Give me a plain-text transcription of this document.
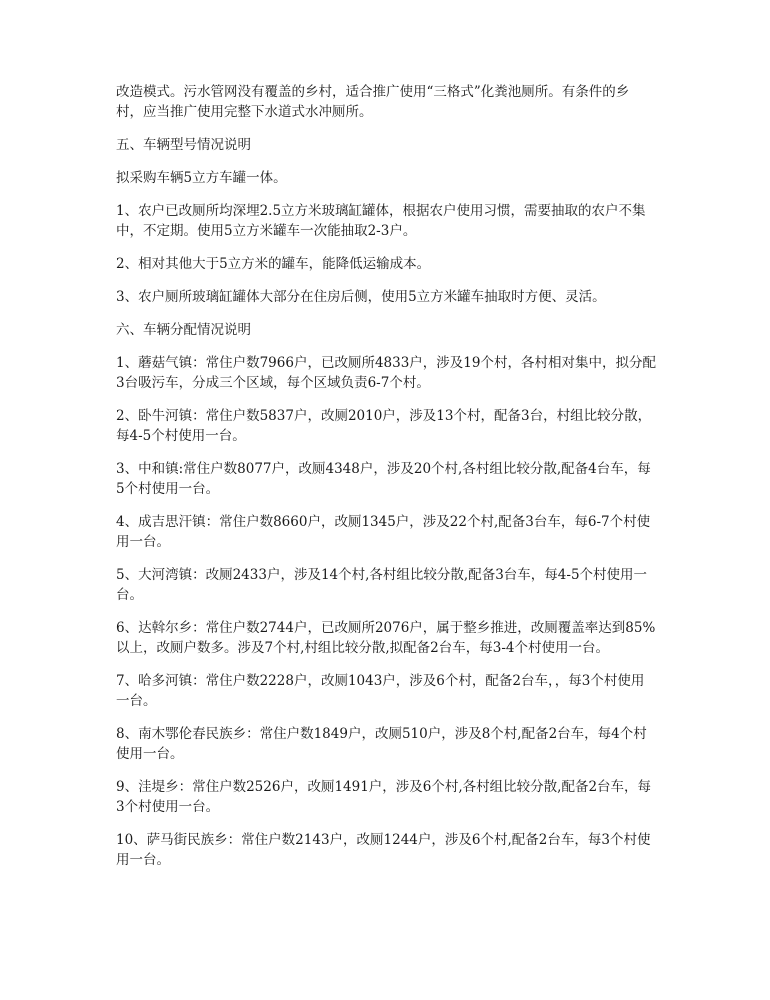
改造模式。污水管网没有覆盖的乡村，适合推广使用“三格式”化粪池厕所。有条件的乡村，应当推广使用完整下水道式水冲厕所。

五、车辆型号情况说明

拟采购车辆5立方车罐一体。

1、农户已改厕所均深埋2.5立方米玻璃缸罐体，根据农户使用习惯，需要抽取的农户不集中，不定期。使用5立方米罐车一次能抽取2-3户。

2、相对其他大于5立方米的罐车，能降低运输成本。

3、农户厕所玻璃缸罐体大部分在住房后侧，使用5立方米罐车抽取时方便、灵活。

六、车辆分配情况说明

1、蘑菇气镇：常住户数7966户，已改厕所4833户，涉及19个村，各村相对集中，拟分配3台吸污车，分成三个区域，每个区域负责6-7个村。

2、卧牛河镇：常住户数5837户，改厕2010户，涉及13个村，配备3台，村组比较分散，每4-5个村使用一台。

3、中和镇:常住户数8077户，改厕4348户，涉及20个村,各村组比较分散,配备4台车，每5个村使用一台。

4、成吉思汗镇：常住户数8660户，改厕1345户，涉及22个村,配备3台车，每6-7个村使用一台。

5、大河湾镇：改厕2433户，涉及14个村,各村组比较分散,配备3台车，每4-5个村使用一台。

6、达斡尔乡：常住户数2744户，已改厕所2076户，属于整乡推进，改厕覆盖率达到85%以上，改厕户数多。涉及7个村,村组比较分散,拟配备2台车，每3-4个村使用一台。

7、哈多河镇：常住户数2228户，改厕1043户，涉及6个村，配备2台车，，每3个村使用一台。

8、南木鄂伦春民族乡：常住户数1849户，改厕510户，涉及8个村,配备2台车，每4个村使用一台。

9、洼堤乡：常住户数2526户，改厕1491户，涉及6个村,各村组比较分散,配备2台车，每3个村使用一台。

10、萨马街民族乡：常住户数2143户，改厕1244户，涉及6个村,配备2台车，每3个村使用一台。
